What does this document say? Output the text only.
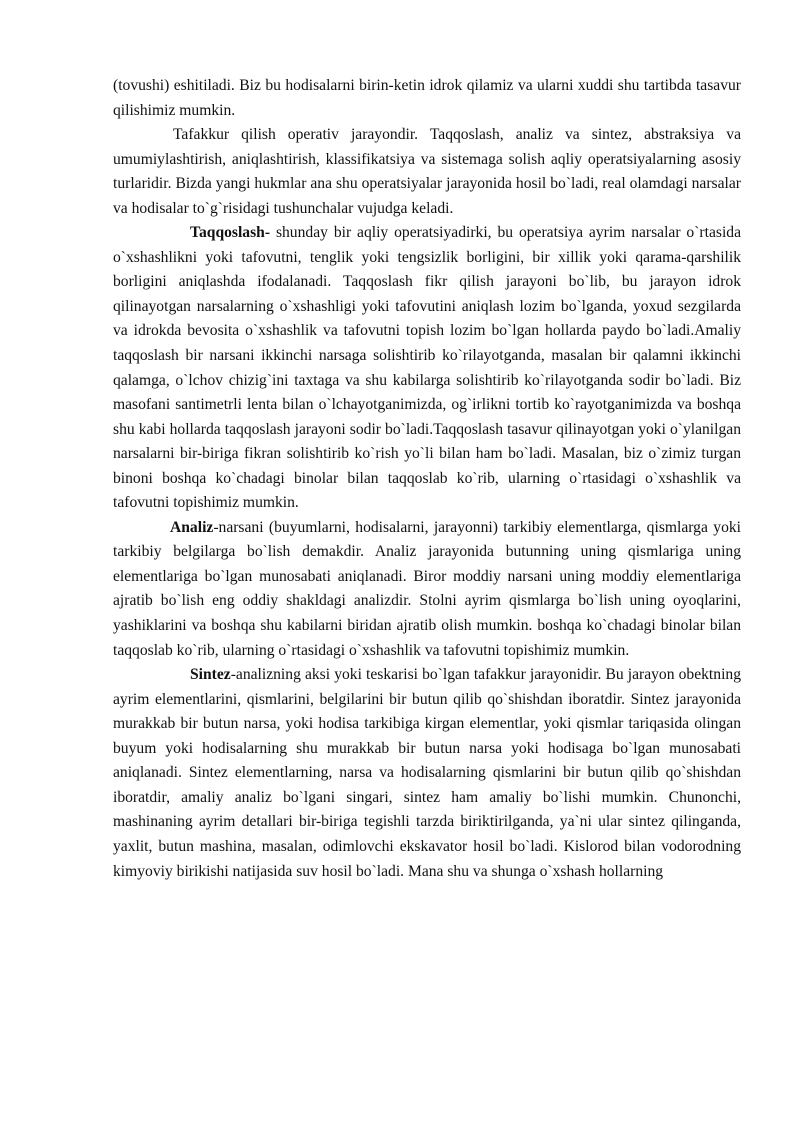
(tovushi) eshitiladi. Biz bu hodisalarni birin-ketin idrok qilamiz va ularni xuddi shu tartibda tasavur qilishimiz mumkin.

Tafakkur qilish operativ jarayondir. Taqqoslash, analiz va sintez, abstraksiya va umumiylashtirish, aniqlashtirish, klassifikatsiya va sistemaga solish aqliy operatsiyalarning asosiy turlaridir. Bizda yangi hukmlar ana shu operatsiyalar jarayonida hosil bo`ladi, real olamdagi narsalar va hodisalar to`g`risidagi tushunchalar vujudga keladi.

Taqqoslash- shunday bir aqliy operatsiyadirki, bu operatsiya ayrim narsalar o`rtasida o`xshashlikni yoki tafovutni, tenglik yoki tengsizlik borligini, bir xillik yoki qarama-qarshilik borligini aniqlashda ifodalanadi. Taqqoslash fikr qilish jarayoni bo`lib, bu jarayon idrok qilinayotgan narsalarning o`xshashligi yoki tafovutini aniqlash lozim bo`lganda, yoxud sezgilarda va idrokda bevosita o`xshashlik va tafovutni topish lozim bo`lgan hollarda paydo bo`ladi.Amaliy taqqoslash bir narsani ikkinchi narsaga solishtirib ko`rilayotganda, masalan bir qalamni ikkinchi qalamga, o`lchov chizig`ini taxtaga va shu kabilarga solishtirib ko`rilayotganda sodir bo`ladi. Biz masofani santimetrli lenta bilan o`lchayotganimizda, og`irlikni tortib ko`rayotganimizda va boshqa shu kabi hollarda taqqoslash jarayoni sodir bo`ladi.Taqqoslash tasavur qilinayotgan yoki o`ylanilgan narsalarni bir-biriga fikran solishtirib ko`rish yo`li bilan ham bo`ladi. Masalan, biz o`zimiz turgan binoni boshqa ko`chadagi binolar bilan taqqoslab ko`rib, ularning o`rtasidagi o`xshashlik va tafovutni topishimiz mumkin.

Analiz-narsani (buyumlarni, hodisalarni, jarayonni) tarkibiy elementlarga, qismlarga yoki tarkibiy belgilarga bo`lish demakdir. Analiz jarayonida butunning uning qismlariga uning elementlariga bo`lgan munosabati aniqlanadi. Biror moddiy narsani uning moddiy elementlariga ajratib bo`lish eng oddiy shakldagi analizdir. Stolni ayrim qismlarga bo`lish uning oyoqlarini, yashiklarini va boshqa shu kabilarni biridan ajratib olish mumkin. boshqa ko`chadagi binolar bilan taqqoslab ko`rib, ularning o`rtasidagi o`xshashlik va tafovutni topishimiz mumkin.

Sintez-analizning aksi yoki teskarisi bo`lgan tafakkur jarayonidir. Bu jarayon obektning ayrim elementlarini, qismlarini, belgilarini bir butun qilib qo`shishdan iboratdir. Sintez jarayonida murakkab bir butun narsa, yoki hodisa tarkibiga kirgan elementlar, yoki qismlar tariqasida olingan buyum yoki hodisalarning shu murakkab bir butun narsa yoki hodisaga bo`lgan munosabati aniqlanadi. Sintez elementlarning, narsa va hodisalarning qismlarini bir butun qilib qo`shishdan iboratdir, amaliy analiz bo`lgani singari, sintez ham amaliy bo`lishi mumkin. Chunonchi, mashinaning ayrim detallari bir-biriga tegishli tarzda biriktirilganda, ya`ni ular sintez qilinganda, yaxlit, butun mashina, masalan, odimlovchi ekskavator hosil bo`ladi. Kislorod bilan vodorodning kimyoviy birikishi natijasida suv hosil bo`ladi. Mana shu va shunga o`xshash hollarning
